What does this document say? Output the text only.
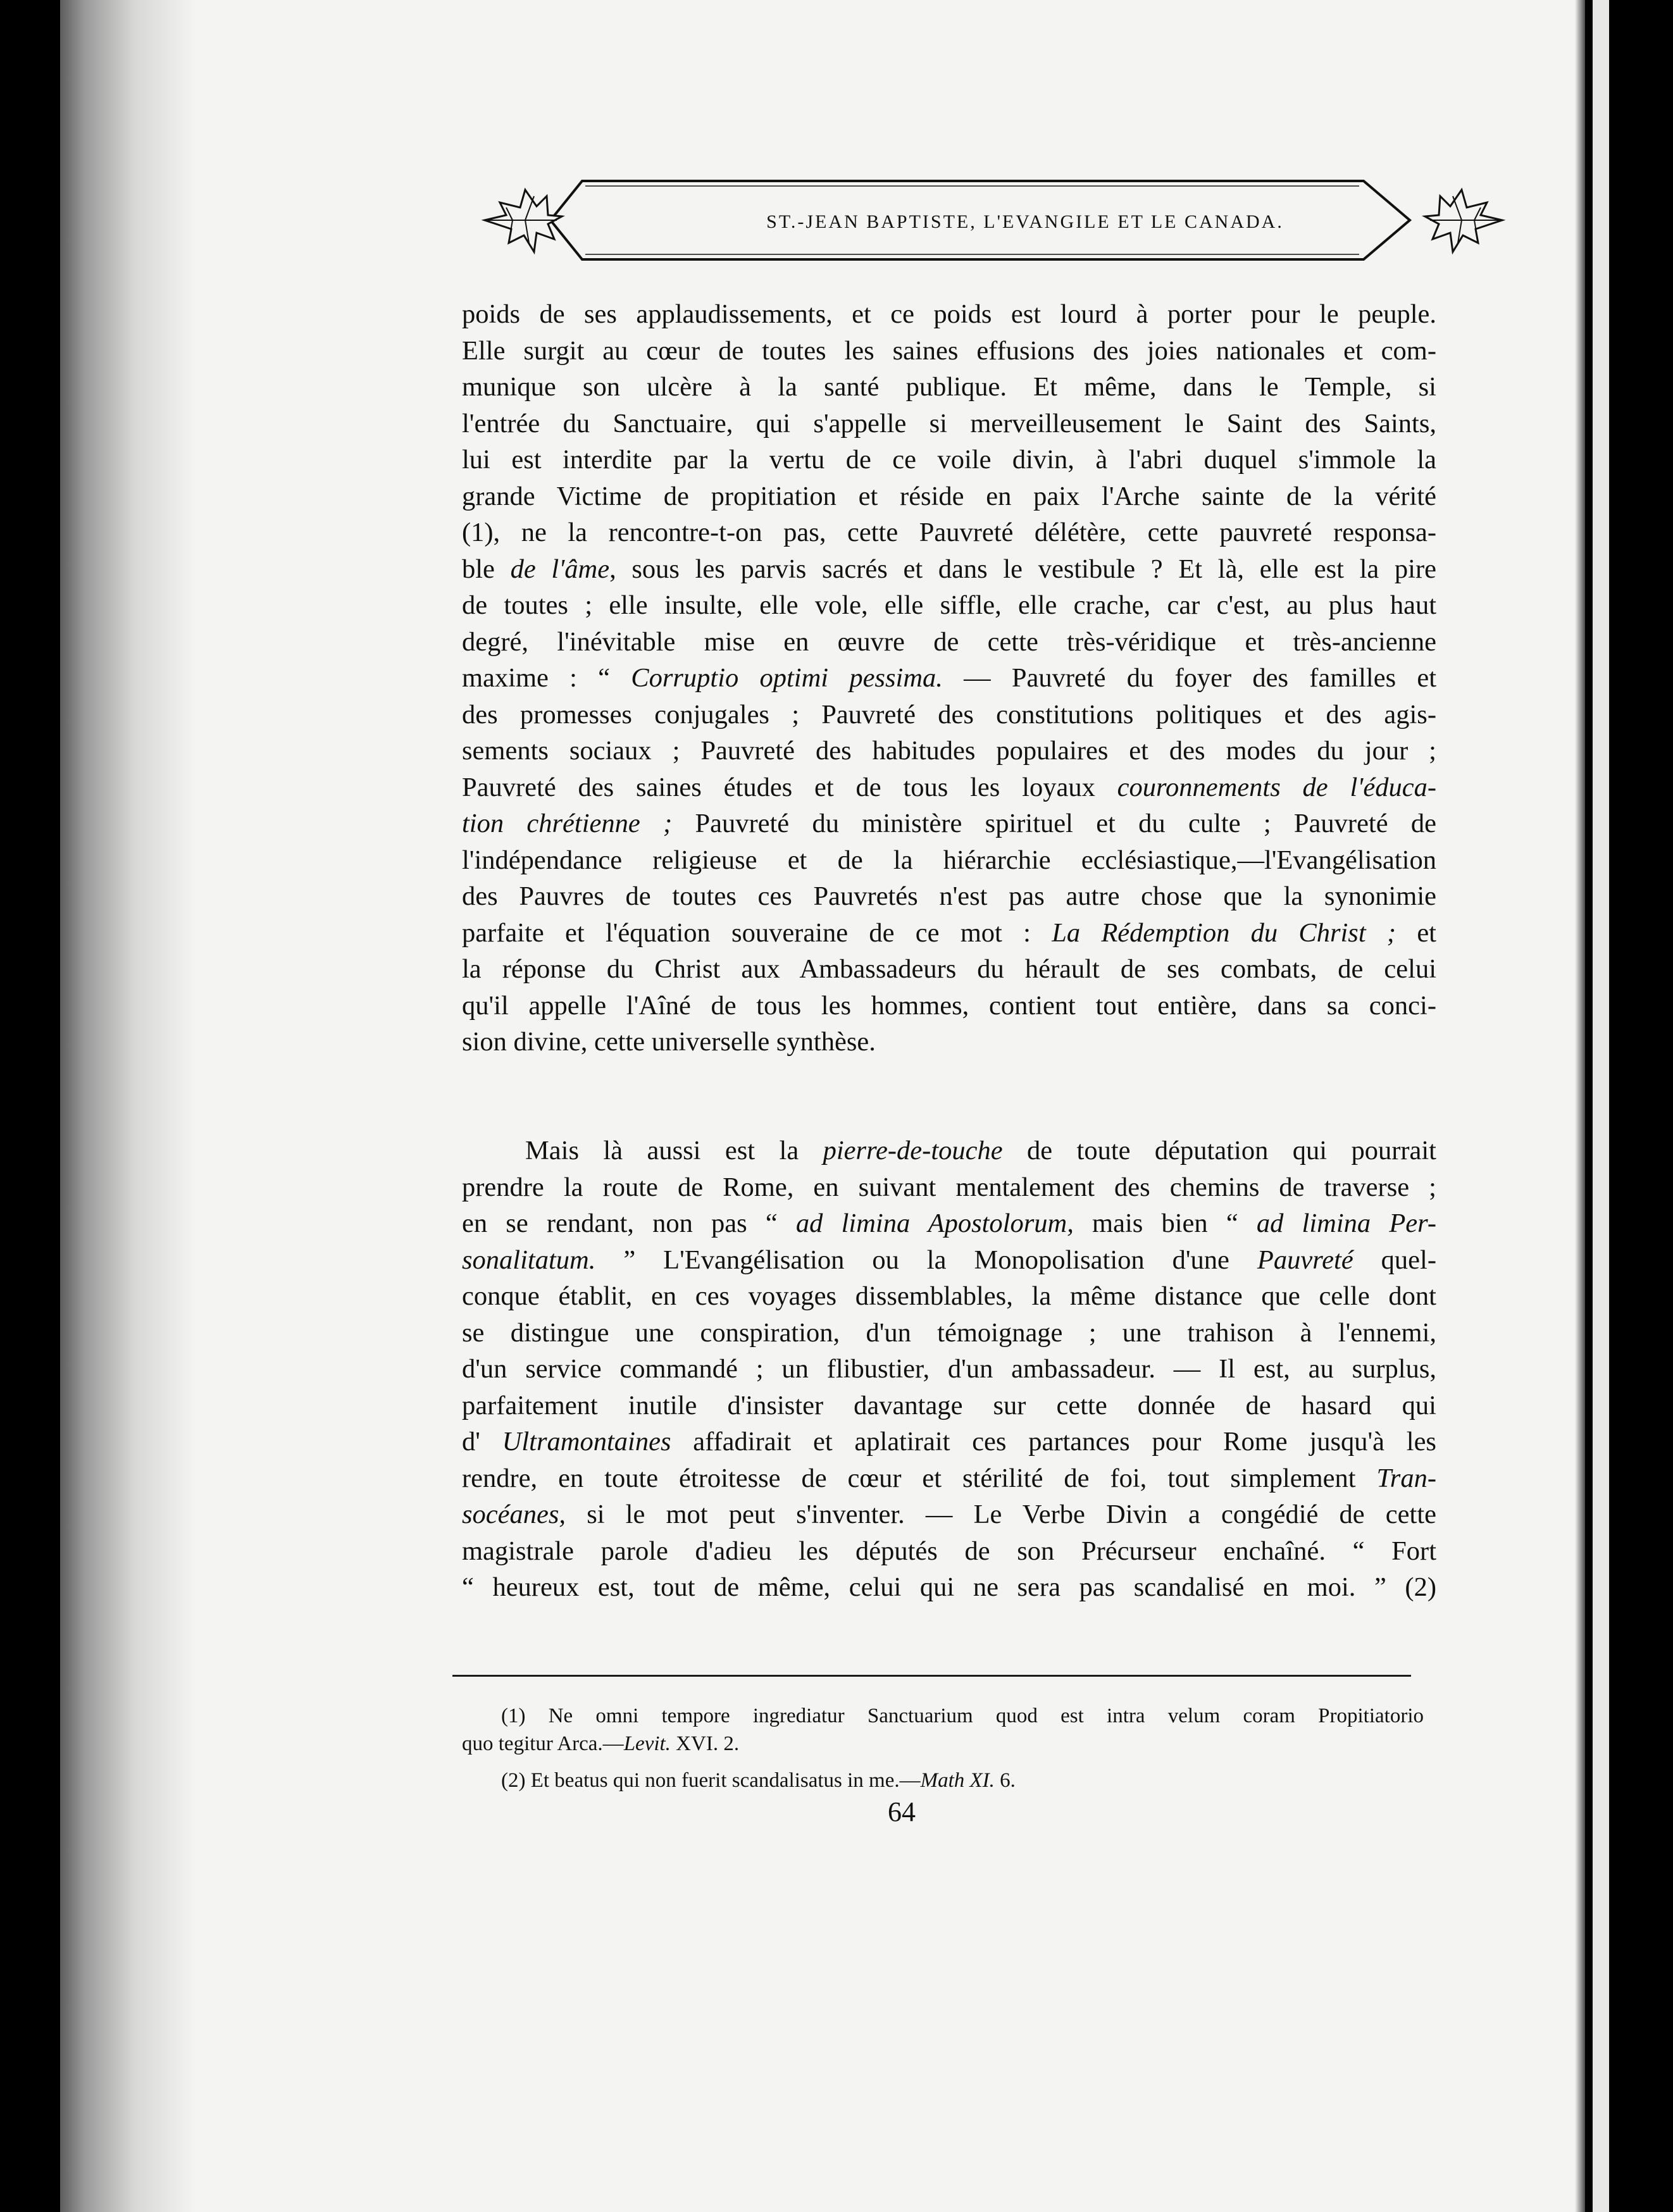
ST.-JEAN BAPTISTE, L'EVANGILE ET LE CANADA.
poids de ses applaudissements, et ce poids est lourd à porter pour le peuple.
Elle surgit au cœur de toutes les saines effusions des joies nationales et com-
munique son ulcère à la santé publique. Et même, dans le Temple, si
l'entrée du Sanctuaire, qui s'appelle si merveilleusement le Saint des Saints,
lui est interdite par la vertu de ce voile divin, à l'abri duquel s'immole la
grande Victime de propitiation et réside en paix l'Arche sainte de la vérité
(1), ne la rencontre-t-on pas, cette Pauvreté délétère, cette pauvreté responsa-
ble de l'âme, sous les parvis sacrés et dans le vestibule ? Et là, elle est la pire
de toutes ; elle insulte, elle vole, elle siffle, elle crache, car c'est, au plus haut
degré, l'inévitable mise en œuvre de cette très-véridique et très-ancienne
maxime : “ Corruptio optimi pessima. — Pauvreté du foyer des familles et
des promesses conjugales ; Pauvreté des constitutions politiques et des agis-
sements sociaux ; Pauvreté des habitudes populaires et des modes du jour ;
Pauvreté des saines études et de tous les loyaux couronnements de l'éduca-
tion chrétienne ; Pauvreté du ministère spirituel et du culte ; Pauvreté de
l'indépendance religieuse et de la hiérarchie ecclésiastique,—l'Evangélisation
des Pauvres de toutes ces Pauvretés n'est pas autre chose que la synonimie
parfaite et l'équation souveraine de ce mot : La Rédemption du Christ ; et
la réponse du Christ aux Ambassadeurs du hérault de ses combats, de celui
qu'il appelle l'Aîné de tous les hommes, contient tout entière, dans sa conci-
sion divine, cette universelle synthèse.
Mais là aussi est la pierre-de-touche de toute députation qui pourrait
prendre la route de Rome, en suivant mentalement des chemins de traverse ;
en se rendant, non pas “ ad limina Apostolorum, mais bien “ ad limina Per-
sonalitatum. ” L'Evangélisation ou la Monopolisation d'une Pauvreté quel-
conque établit, en ces voyages dissemblables, la même distance que celle dont
se distingue une conspiration, d'un témoignage ; une trahison à l'ennemi,
d'un service commandé ; un flibustier, d'un ambassadeur. — Il est, au surplus,
parfaitement inutile d'insister davantage sur cette donnée de hasard qui
d' Ultramontaines affadirait et aplatirait ces partances pour Rome jusqu'à les
rendre, en toute étroitesse de cœur et stérilité de foi, tout simplement Tran-
socéanes, si le mot peut s'inventer. — Le Verbe Divin a congédié de cette
magistrale parole d'adieu les députés de son Précurseur enchaîné. “ Fort
“ heureux est, tout de même, celui qui ne sera pas scandalisé en moi. ” (2)
(1) Ne omni tempore ingrediatur Sanctuarium quod est intra velum coram Propitiatorio
quo tegitur Arca.—Levit. XVI. 2.
(2) Et beatus qui non fuerit scandalisatus in me.—Math XI. 6.
64
